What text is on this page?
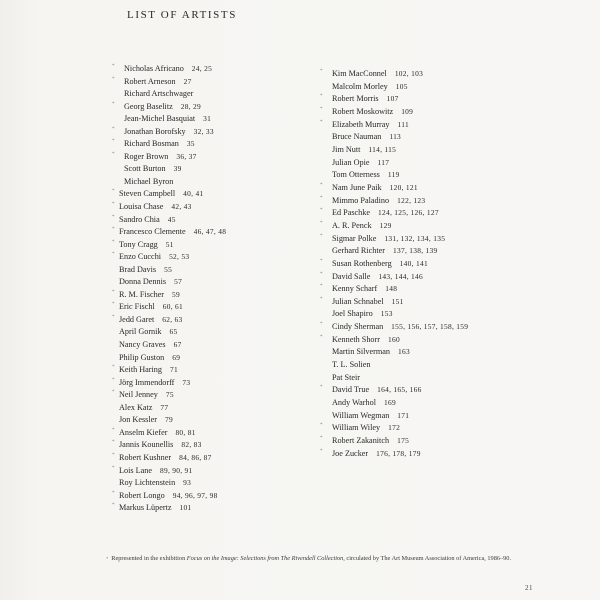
LIST OF ARTISTS
* Nicholas Africano 24, 25
* Robert Arneson 27
Richard Artschwager
* Georg Baselitz 28, 29
Jean-Michel Basquiat 31
* Jonathan Borofsky 32, 33
* Richard Bosman 35
* Roger Brown 36, 37
Scott Burton 39
Michael Byron
* Steven Campbell 40, 41
* Louisa Chase 42, 43
* Sandro Chia 45
* Francesco Clemente 46, 47, 48
* Tony Cragg 51
* Enzo Cucchi 52, 53
Brad Davis 55
Donna Dennis 57
* R. M. Fischer 59
* Eric Fischl 60, 61
* Jedd Garet 62, 63
April Gornik 65
Nancy Graves 67
Philip Guston 69
* Keith Haring 71
* Jörg Immendorff 73
* Neil Jenney 75
Alex Katz 77
Jon Kessler 79
* Anselm Kiefer 80, 81
* Jannis Kounellis 82, 83
* Robert Kushner 84, 86, 87
* Lois Lane 89, 90, 91
Roy Lichtenstein 93
* Robert Longo 94, 96, 97, 98
* Markus Lüpertz 101
* Kim MacConnel 102, 103
Malcolm Morley 105
* Robert Morris 107
* Robert Moskowitz 109
* Elizabeth Murray 111
Bruce Nauman 113
Jim Nutt 114, 115
Julian Opie 117
Tom Otterness 119
* Nam June Paik 120, 121
* Mimmo Paladino 122, 123
* Ed Paschke 124, 125, 126, 127
* A. R. Penck 129
* Sigmar Polke 131, 132, 134, 135
Gerhard Richter 137, 138, 139
* Susan Rothenberg 140, 141
* David Salle 143, 144, 146
* Kenny Scharf 148
* Julian Schnabel 151
Joel Shapiro 153
* Cindy Sherman 155, 156, 157, 158, 159
* Kenneth Shorr 160
Martin Silverman 163
T. L. Solien
Pat Steir
* David True 164, 165, 166
Andy Warhol 169
William Wegman 171
* William Wiley 172
* Robert Zakanitch 175
* Joe Zucker 176, 178, 179
* Represented in the exhibition Focus on the Image: Selections from The Rivendell Collection, circulated by The Art Museum Association of America, 1986–90.
21
